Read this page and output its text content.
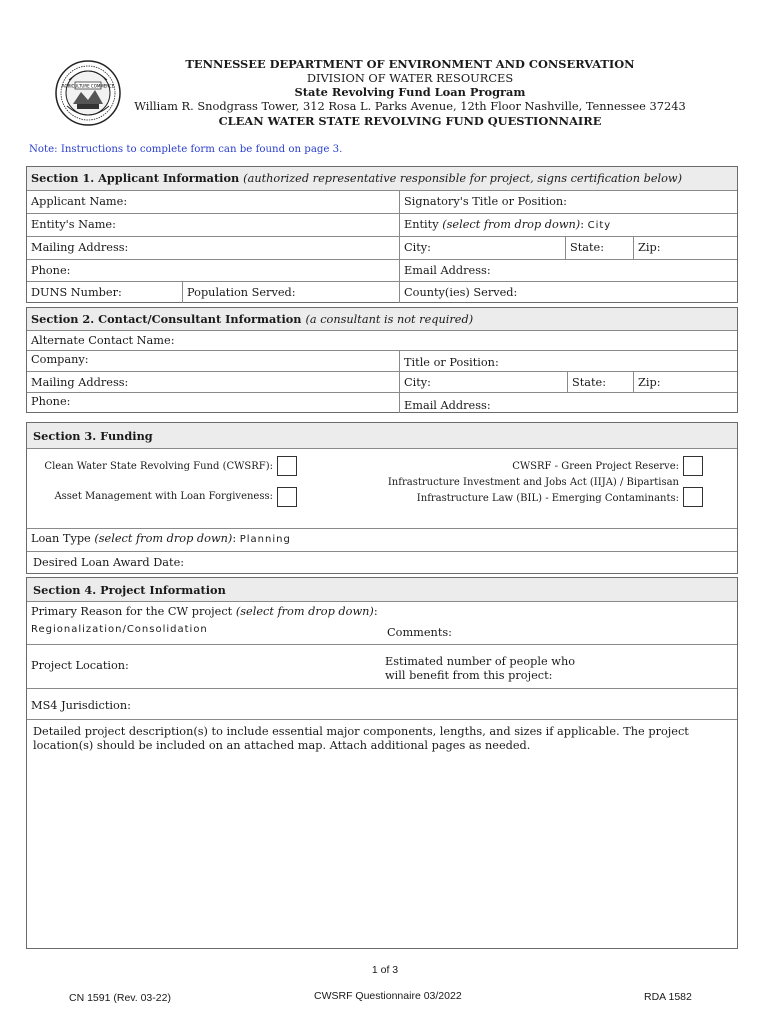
AGRICULTURE COMMERCE
TENNESSEE DEPARTMENT OF ENVIRONMENT AND CONSERVATION
DIVISION OF WATER RESOURCES
State Revolving Fund Loan Program
William R. Snodgrass Tower, 312 Rosa L. Parks Avenue, 12th Floor Nashville, Tennessee 37243
CLEAN WATER STATE REVOLVING FUND QUESTIONNAIRE
Note: Instructions to complete form can be found on page 3.
Section 1. Applicant Information (authorized representative responsible for project, signs certification below)
Applicant Name:	Signatory's Title or Position:
Entity's Name:	Entity (select from drop down): City
Mailing Address:	City:	State:	Zip:
Phone:	Email Address:
DUNS Number:	Population Served:	County(ies) Served:
Section 2. Contact/Consultant Information (a consultant is not required)
Alternate Contact Name:
Company:	Title or Position:
Mailing Address:	City:	State:	Zip:
Phone:	Email Address:
Section 3. Funding
Clean Water State Revolving Fund (CWSRF):
Asset Management with Loan Forgiveness:
CWSRF - Green Project Reserve:
Infrastructure Investment and Jobs Act (IIJA) / Bipartisan
Infrastructure Law (BIL) - Emerging Contaminants:
Loan Type (select from drop down): Planning
Desired Loan Award Date:
Section 4. Project Information
Primary Reason for the CW project (select from drop down):
Regionalization/Consolidation	Comments:
Project Location:	Estimated number of people who
will benefit from this project:
MS4 Jurisdiction:
Detailed project description(s) to include essential major components, lengths, and sizes if applicable. The project
location(s) should be included on an attached map. Attach additional pages as needed.
1 of 3
CN 1591 (Rev. 03-22)	CWSRF Questionnaire 03/2022	RDA 1582
